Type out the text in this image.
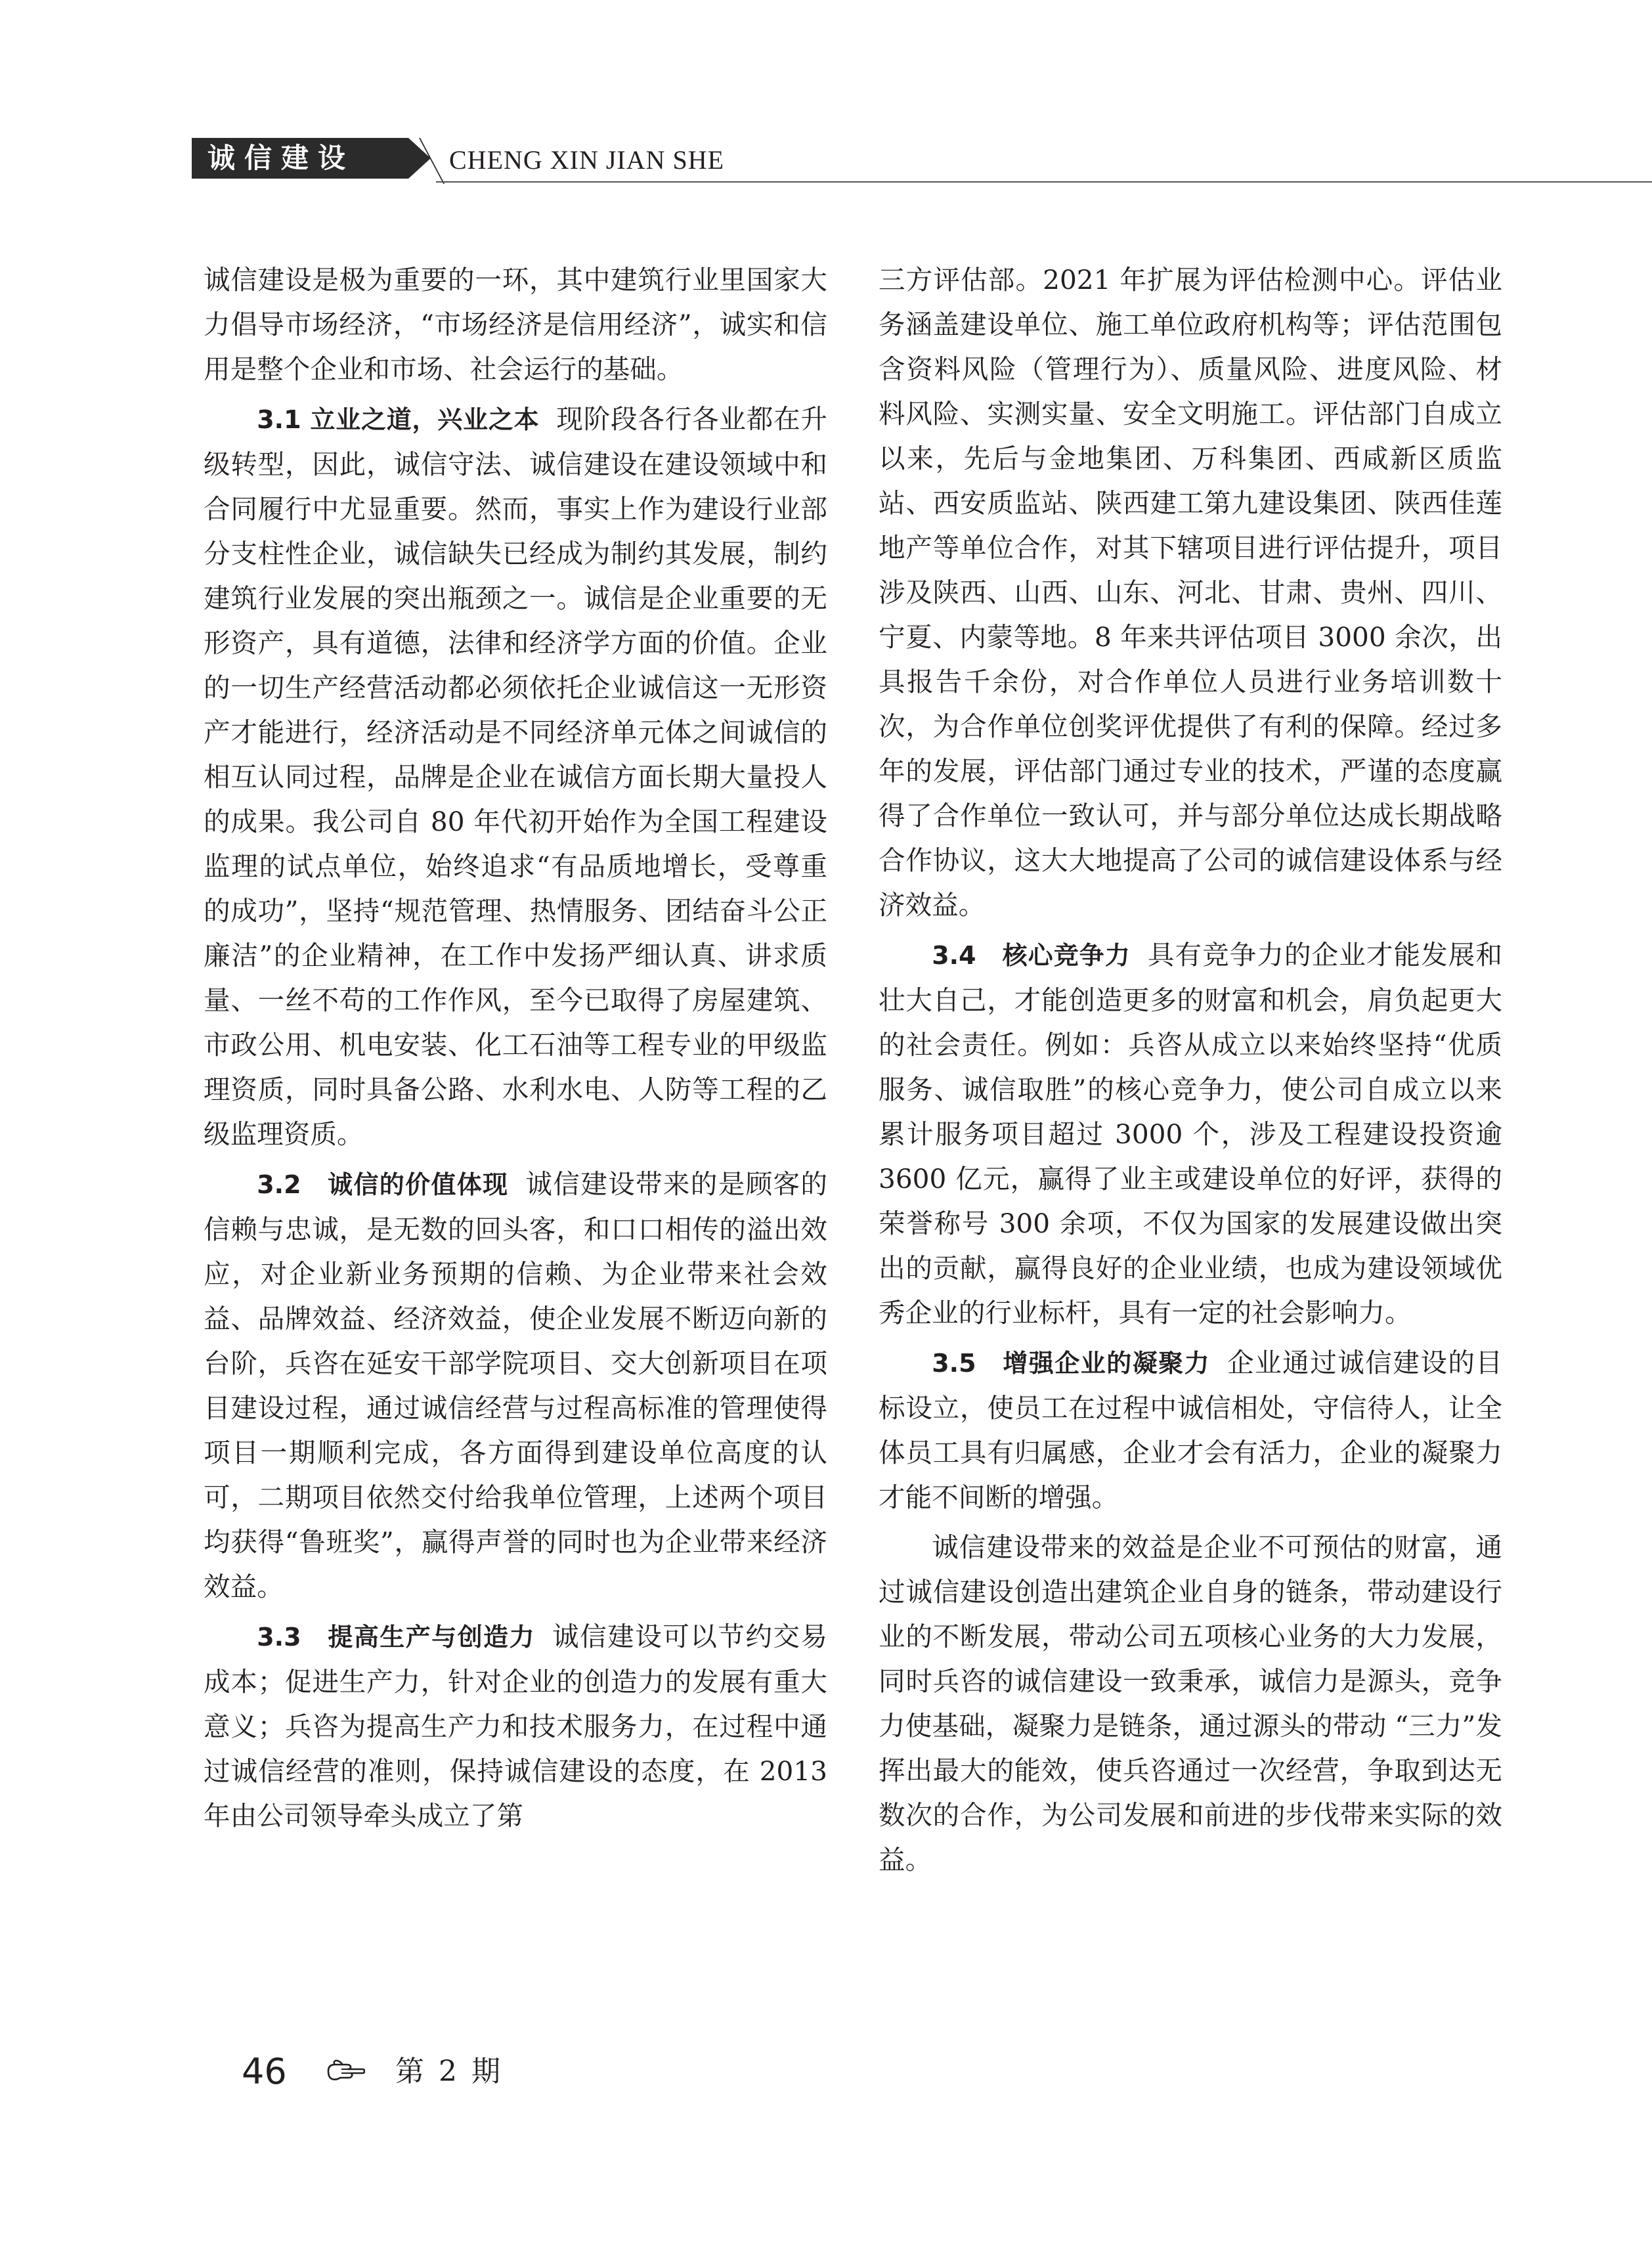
诚信建设	CHENG XIN JIAN SHE

诚信建设是极为重要的一环，其中建筑行业里国家大力倡导市场经济，“市场经济是信用经济”，诚实和信用是整个企业和市场、社会运行的基础。

3.1 立业之道，兴业之本 现阶段各行各业都在升级转型，因此，诚信守法、诚信建设在建设领域中和合同履行中尤显重要。然而，事实上作为建设行业部分支柱性企业，诚信缺失已经成为制约其发展，制约建筑行业发展的突出瓶颈之一。诚信是企业重要的无形资产，具有道德，法律和经济学方面的价值。企业的一切生产经营活动都必须依托企业诚信这一无形资产才能进行，经济活动是不同经济单元体之间诚信的相互认同过程，品牌是企业在诚信方面长期大量投人的成果。我公司自 80 年代初开始作为全国工程建设监理的试点单位，始终追求“有品质地增长，受尊重的成功”，坚持“规范管理、热情服务、团结奋斗公正廉洁”的企业精神，在工作中发扬严细认真、讲求质量、一丝不苟的工作作风，至今已取得了房屋建筑、市政公用、机电安装、化工石油等工程专业的甲级监理资质，同时具备公路、水利水电、人防等工程的乙级监理资质。

3.2　诚信的价值体现 诚信建设带来的是顾客的信赖与忠诚，是无数的回头客，和口口相传的溢出效应，对企业新业务预期的信赖、为企业带来社会效益、品牌效益、经济效益，使企业发展不断迈向新的台阶，兵咨在延安干部学院项目、交大创新项目在项目建设过程，通过诚信经营与过程高标准的管理使得项目一期顺利完成，各方面得到建设单位高度的认可，二期项目依然交付给我单位管理，上述两个项目均获得“鲁班奖”，赢得声誉的同时也为企业带来经济效益。

3.3　提高生产与创造力 诚信建设可以节约交易成本；促进生产力，针对企业的创造力的发展有重大意义；兵咨为提高生产力和技术服务力，在过程中通过诚信经营的准则，保持诚信建设的态度，在 2013 年由公司领导牵头成立了第

三方评估部。2021 年扩展为评估检测中心。评估业务涵盖建设单位、施工单位政府机构等；评估范围包含资料风险（管理行为）、质量风险、进度风险、材料风险、实测实量、安全文明施工。评估部门自成立以来，先后与金地集团、万科集团、西咸新区质监站、西安质监站、陕西建工第九建设集团、陕西佳莲地产等单位合作，对其下辖项目进行评估提升，项目涉及陕西、山西、山东、河北、甘肃、贵州、四川、宁夏、内蒙等地。8 年来共评估项目 3000 余次，出具报告千余份，对合作单位人员进行业务培训数十次，为合作单位创奖评优提供了有利的保障。经过多年的发展，评估部门通过专业的技术，严谨的态度赢得了合作单位一致认可，并与部分单位达成长期战略合作协议，这大大地提高了公司的诚信建设体系与经济效益。

3.4　核心竞争力 具有竞争力的企业才能发展和壮大自己，才能创造更多的财富和机会，肩负起更大的社会责任。例如：兵咨从成立以来始终坚持“优质服务、诚信取胜”的核心竞争力，使公司自成立以来累计服务项目超过 3000 个，涉及工程建设投资逾 3600 亿元，赢得了业主或建设单位的好评，获得的荣誉称号 300 余项，不仅为国家的发展建设做出突出的贡献，赢得良好的企业业绩，也成为建设领域优秀企业的行业标杆，具有一定的社会影响力。

3.5　增强企业的凝聚力 企业通过诚信建设的目标设立，使员工在过程中诚信相处，守信待人，让全体员工具有归属感，企业才会有活力，企业的凝聚力才能不间断的增强。

诚信建设带来的效益是企业不可预估的财富，通过诚信建设创造出建筑企业自身的链条，带动建设行业的不断发展，带动公司五项核心业务的大力发展，同时兵咨的诚信建设一致秉承，诚信力是源头，竞争力使基础，凝聚力是链条，通过源头的带动 “三力”发挥出最大的能效，使兵咨通过一次经营，争取到达无数次的合作，为公司发展和前进的步伐带来实际的效益。

46	第 2 期
